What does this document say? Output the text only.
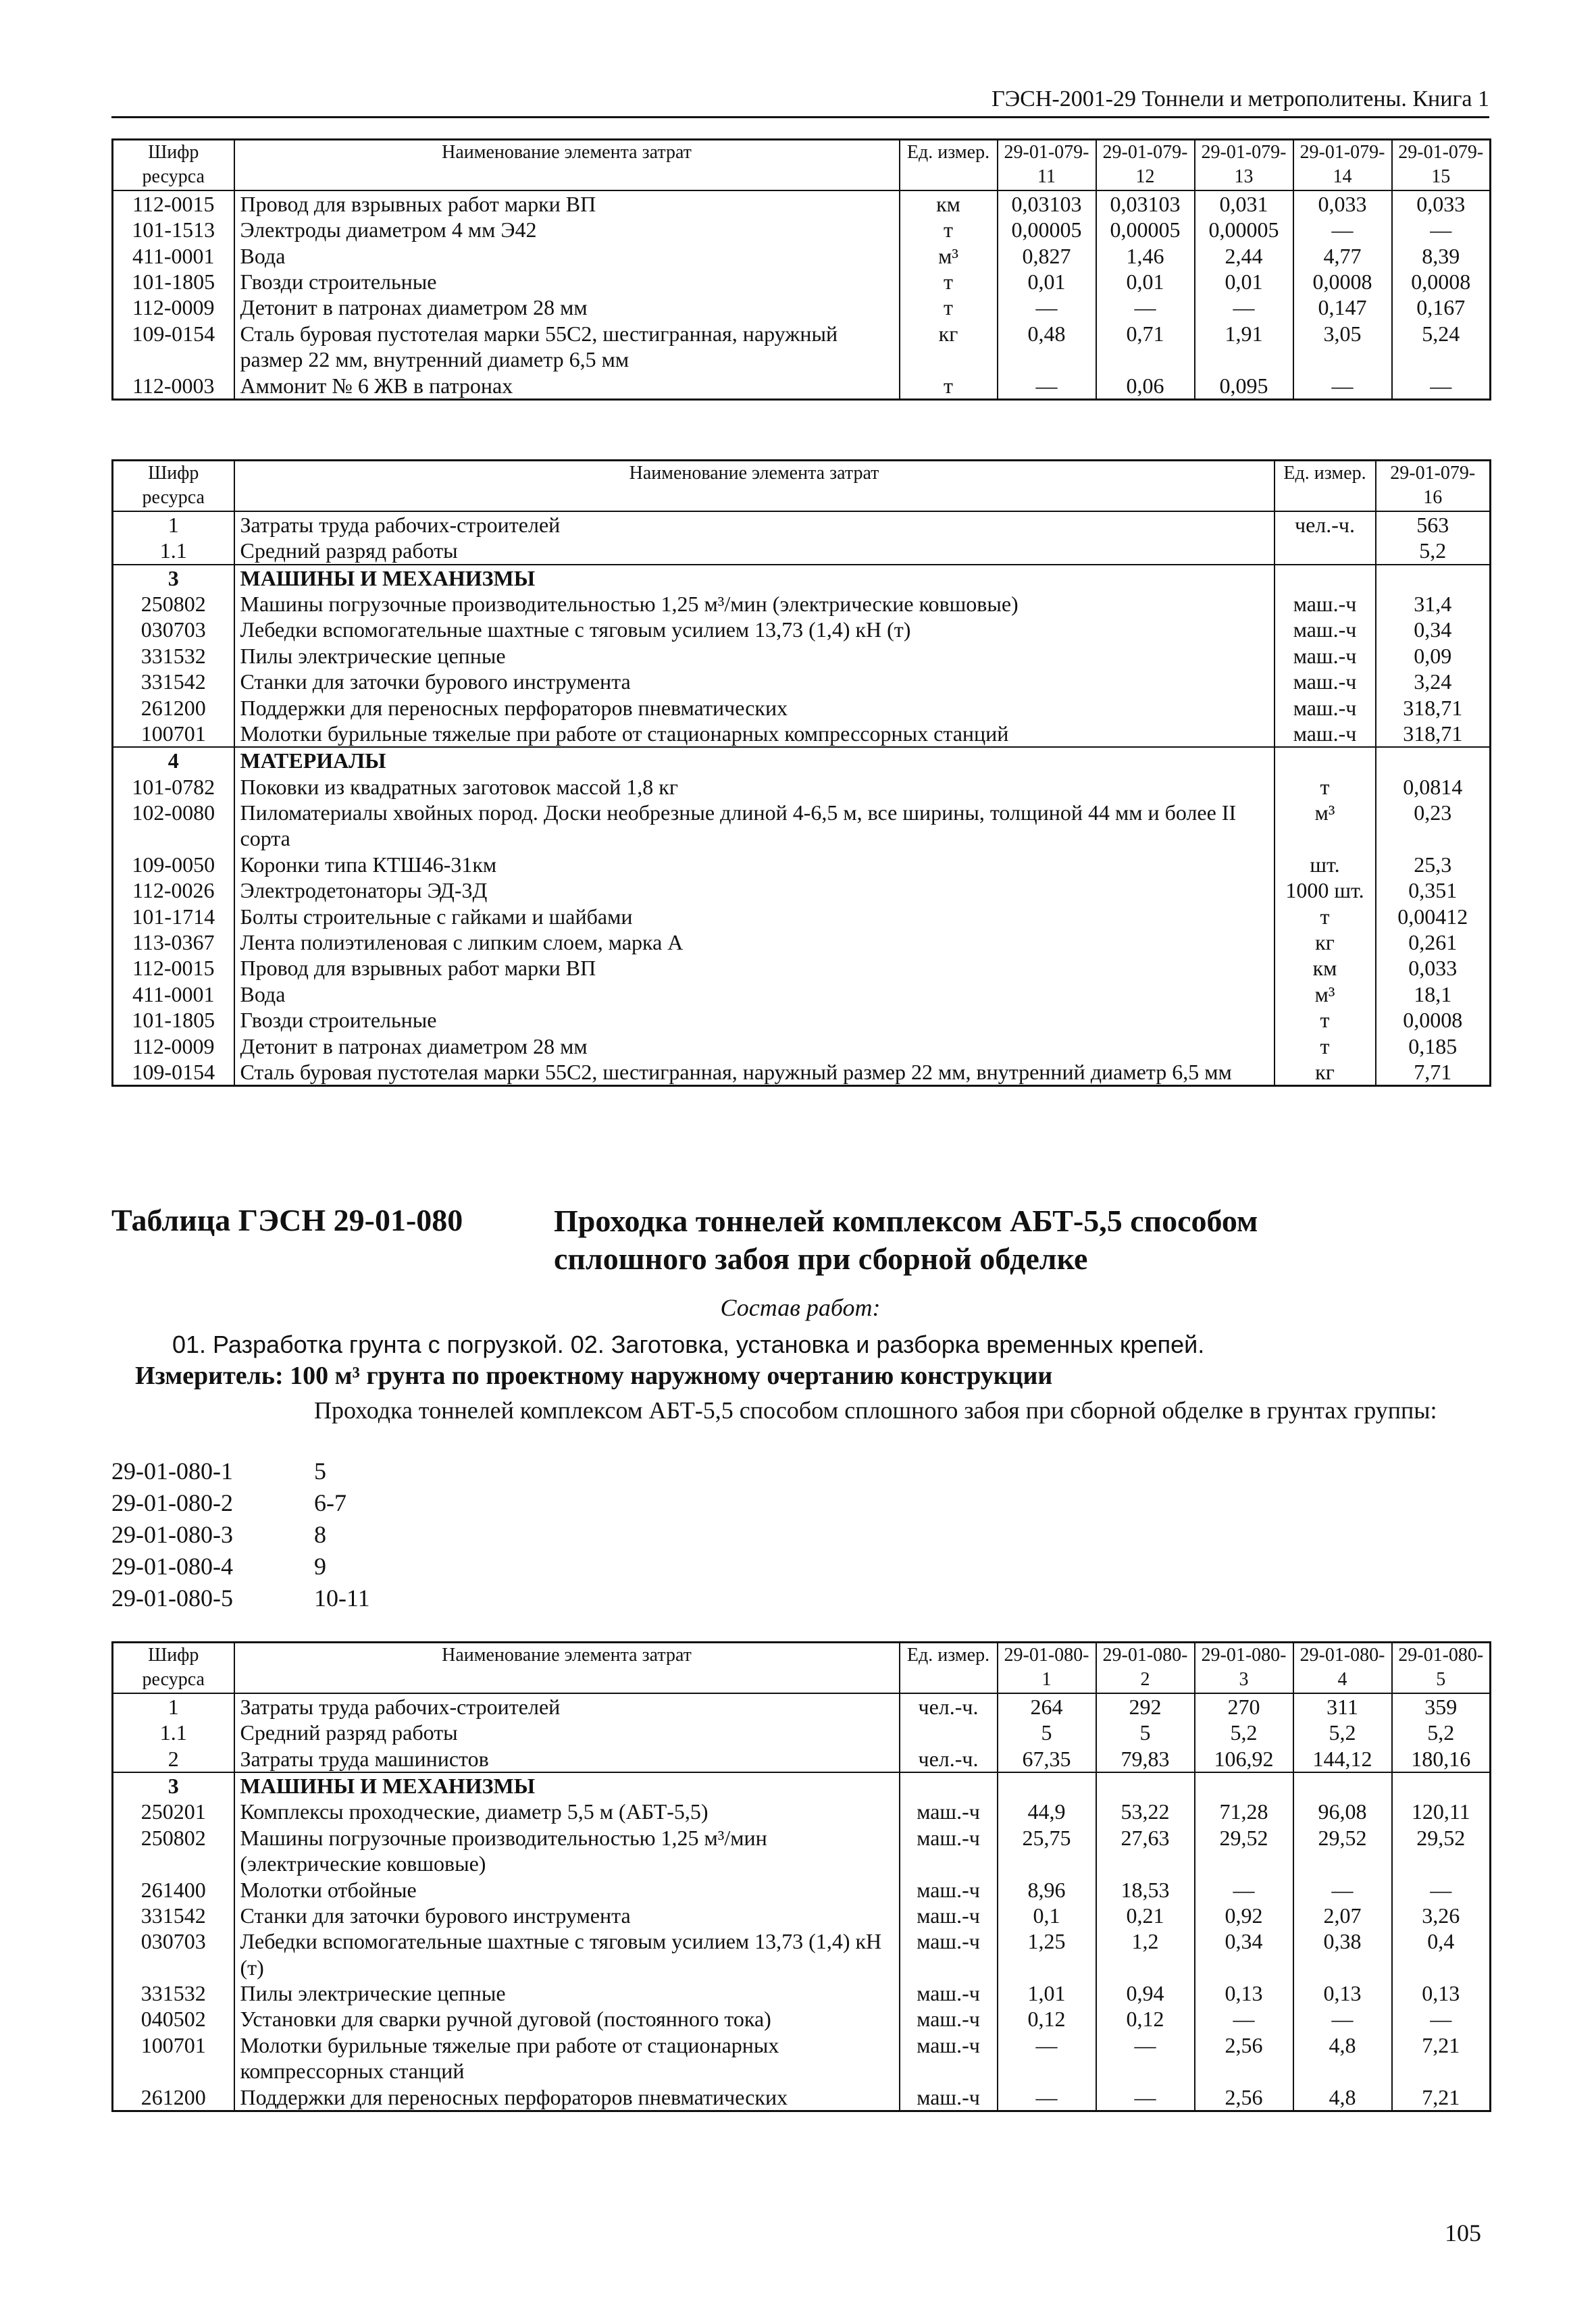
ГЭСН-2001-29 Тоннели и метрополитены. Книга 1
Шифр ресурса	Наименование элемента затрат	Ед. измер.	29-01-079-11	29-01-079-12	29-01-079-13	29-01-079-14	29-01-079-15
112-0015	Провод для взрывных работ марки ВП	км	0,03103	0,03103	0,031	0,033	0,033
101-1513	Электроды диаметром 4 мм Э42	т	0,00005	0,00005	0,00005	—	—
411-0001	Вода	м³	0,827	1,46	2,44	4,77	8,39
101-1805	Гвозди строительные	т	0,01	0,01	0,01	0,0008	0,0008
112-0009	Детонит в патронах диаметром 28 мм	т	—	—	—	0,147	0,167
109-0154	Сталь буровая пустотелая марки 55С2, шестигранная, наружный размер 22 мм, внутренний диаметр 6,5 мм	кг	0,48	0,71	1,91	3,05	5,24
112-0003	Аммонит № 6 ЖВ в патронах	т	—	0,06	0,095	—	—
Шифр ресурса	Наименование элемента затрат	Ед. измер.	29-01-079-16
1	Затраты труда рабочих-строителей	чел.-ч.	563
1.1	Средний разряд работы		5,2
3	МАШИНЫ И МЕХАНИЗМЫ		
250802	Машины погрузочные производительностью 1,25 м³/мин (электрические ковшовые)	маш.-ч	31,4
030703	Лебедки вспомогательные шахтные с тяговым усилием 13,73 (1,4) кН (т)	маш.-ч	0,34
331532	Пилы электрические цепные	маш.-ч	0,09
331542	Станки для заточки бурового инструмента	маш.-ч	3,24
261200	Поддержки для переносных перфораторов пневматических	маш.-ч	318,71
100701	Молотки бурильные тяжелые при работе от стационарных компрессорных станций	маш.-ч	318,71
4	МАТЕРИАЛЫ		
101-0782	Поковки из квадратных заготовок массой 1,8 кг	т	0,0814
102-0080	Пиломатериалы хвойных пород. Доски необрезные длиной 4-6,5 м, все ширины, толщиной 44 мм и более II сорта	м³	0,23
109-0050	Коронки типа КТШ46-31км	шт.	25,3
112-0026	Электродетонаторы ЭД-3Д	1000 шт.	0,351
101-1714	Болты строительные с гайками и шайбами	т	0,00412
113-0367	Лента полиэтиленовая с липким слоем, марка А	кг	0,261
112-0015	Провод для взрывных работ марки ВП	км	0,033
411-0001	Вода	м³	18,1
101-1805	Гвозди строительные	т	0,0008
112-0009	Детонит в патронах диаметром 28 мм	т	0,185
109-0154	Сталь буровая пустотелая марки 55С2, шестигранная, наружный размер 22 мм, внутренний диаметр 6,5 мм	кг	7,71
Таблица ГЭСН 29-01-080	Проходка тоннелей комплексом АБТ-5,5 способом
сплошного забоя при сборной обделке
Состав работ:
01. Разработка грунта с погрузкой. 02. Заготовка, установка и разборка временных крепей.
Измеритель: 100 м³ грунта по проектному наружному очертанию конструкции
Проходка тоннелей комплексом АБТ-5,5 способом сплошного забоя при сборной обделке в грунтах группы:
29-01-080-1	5
29-01-080-2	6-7
29-01-080-3	8
29-01-080-4	9
29-01-080-5	10-11
Шифр ресурса	Наименование элемента затрат	Ед. измер.	29-01-080-1	29-01-080-2	29-01-080-3	29-01-080-4	29-01-080-5
1	Затраты труда рабочих-строителей	чел.-ч.	264	292	270	311	359
1.1	Средний разряд работы		5	5	5,2	5,2	5,2
2	Затраты труда машинистов	чел.-ч.	67,35	79,83	106,92	144,12	180,16
3	МАШИНЫ И МЕХАНИЗМЫ						
250201	Комплексы проходческие, диаметр 5,5 м (АБТ-5,5)	маш.-ч	44,9	53,22	71,28	96,08	120,11
250802	Машины погрузочные производительностью 1,25 м³/мин (электрические ковшовые)	маш.-ч	25,75	27,63	29,52	29,52	29,52
261400	Молотки отбойные	маш.-ч	8,96	18,53	—	—	—
331542	Станки для заточки бурового инструмента	маш.-ч	0,1	0,21	0,92	2,07	3,26
030703	Лебедки вспомогательные шахтные с тяговым усилием 13,73 (1,4) кН (т)	маш.-ч	1,25	1,2	0,34	0,38	0,4
331532	Пилы электрические цепные	маш.-ч	1,01	0,94	0,13	0,13	0,13
040502	Установки для сварки ручной дуговой (постоянного тока)	маш.-ч	0,12	0,12	—	—	—
100701	Молотки бурильные тяжелые при работе от стационарных компрессорных станций	маш.-ч	—	—	2,56	4,8	7,21
261200	Поддержки для переносных перфораторов пневматических	маш.-ч	—	—	2,56	4,8	7,21
105
